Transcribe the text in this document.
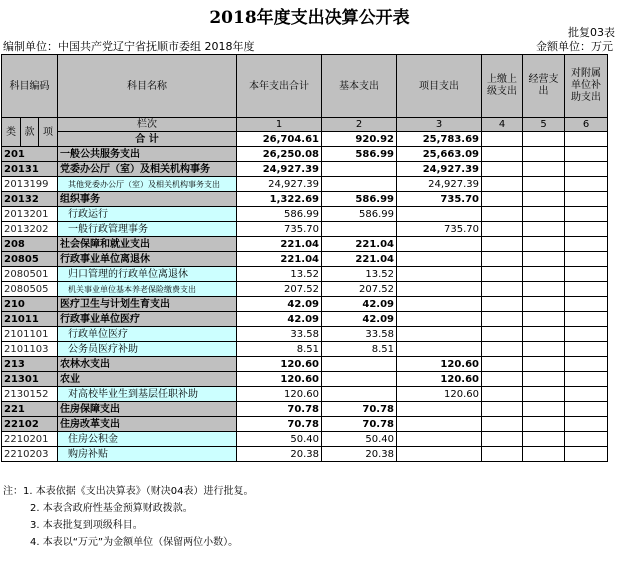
2018年度支出决算公开表
批复03表
编制单位：中国共产党辽宁省抚顺市委组 2018年度	金额单位：万元
科目编码			科目名称	本年支出合计	基本支出	项目支出	上缴上级支出	经营支出	对附属单位补助支出
类	款	项	栏次	1	2	3	4	5	6
			合 计	26,704.61	920.92	25,783.69			
201			一般公共服务支出	26,250.08	586.99	25,663.09			
20131			党委办公厅（室）及相关机构事务	24,927.39		24,927.39			
2013199			其他党委办公厅（室）及相关机构事务支出	24,927.39		24,927.39			
20132			组织事务	1,322.69	586.99	735.70			
2013201			行政运行	586.99	586.99				
2013202			一般行政管理事务	735.70		735.70			
208			社会保障和就业支出	221.04	221.04				
20805			行政事业单位离退休	221.04	221.04				
2080501			归口管理的行政单位离退休	13.52	13.52				
2080505			机关事业单位基本养老保险缴费支出	207.52	207.52				
210			医疗卫生与计划生育支出	42.09	42.09				
21011			行政事业单位医疗	42.09	42.09				
2101101			行政单位医疗	33.58	33.58				
2101103			公务员医疗补助	8.51	8.51				
213			农林水支出	120.60		120.60			
21301			农业	120.60		120.60			
2130152			对高校毕业生到基层任职补助	120.60		120.60			
221			住房保障支出	70.78	70.78				
22102			住房改革支出	70.78	70.78				
2210201			住房公积金	50.40	50.40				
2210203			购房补贴	20.38	20.38				
注：1. 本表依据《支出决算表》（财决04表）进行批复。
2. 本表含政府性基金预算财政拨款。
3. 本表批复到项级科目。
4. 本表以“万元”为金额单位（保留两位小数）。
